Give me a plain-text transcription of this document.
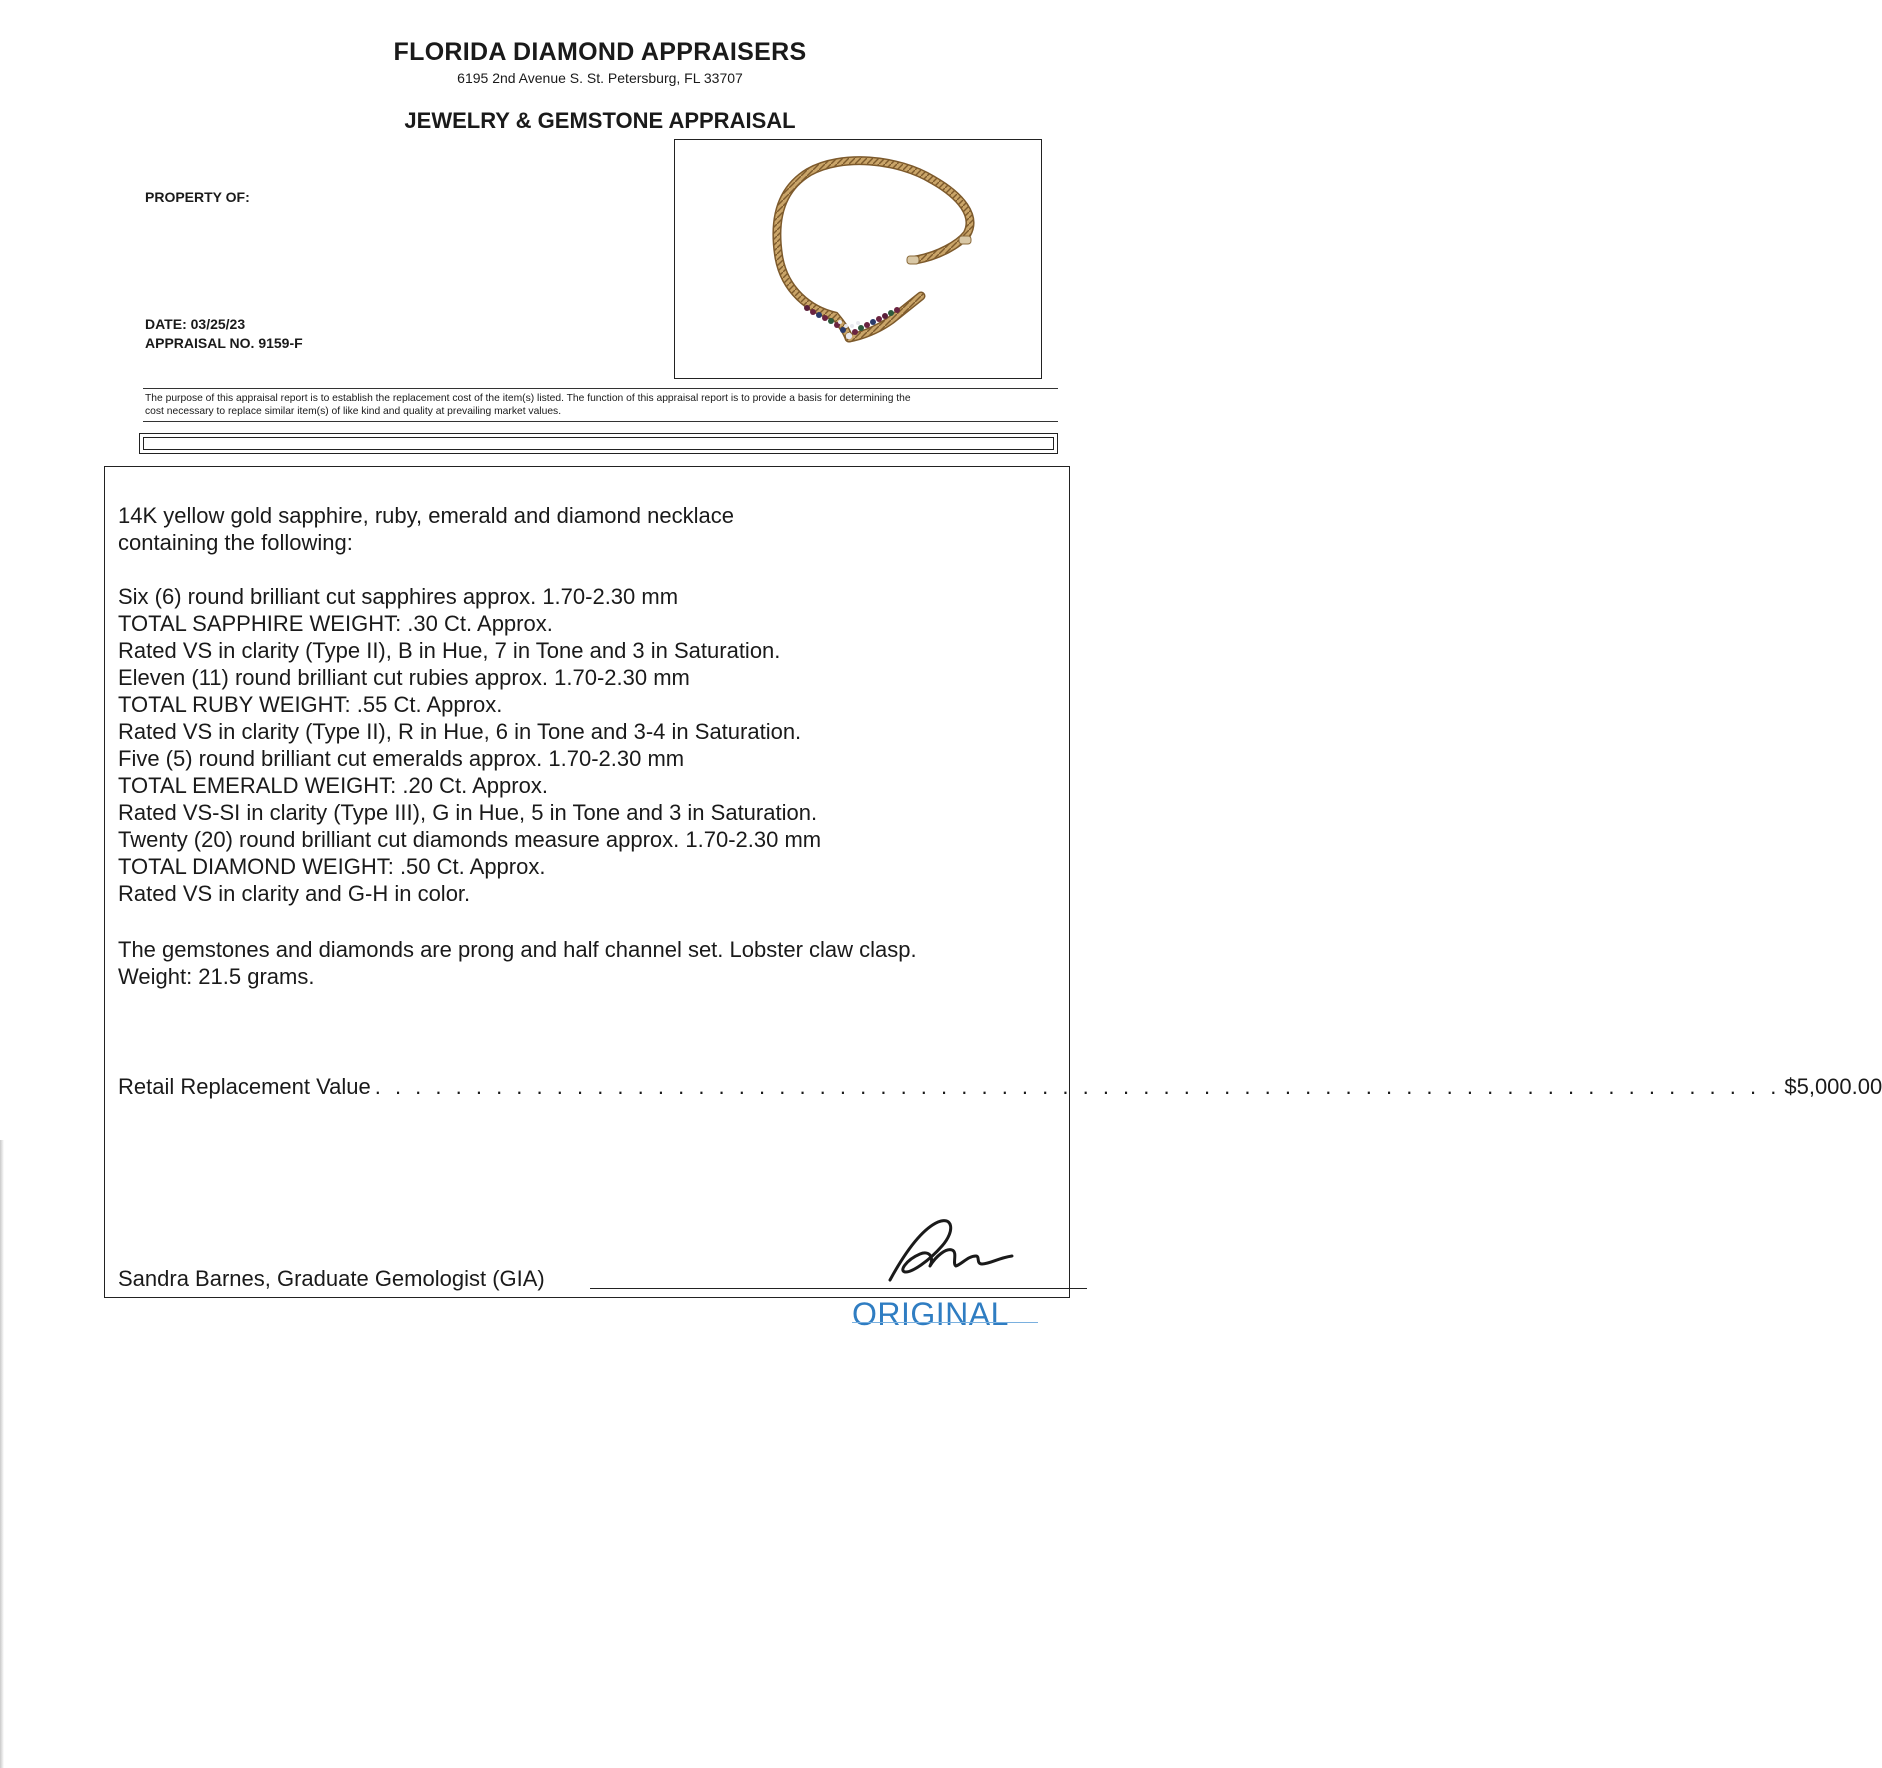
FLORIDA DIAMOND APPRAISERS
6195 2nd Avenue S. St. Petersburg, FL 33707
JEWELRY & GEMSTONE APPRAISAL
PROPERTY OF:
DATE: 03/25/23
APPRAISAL NO. 9159-F
The purpose of this appraisal report is to establish the replacement cost of the item(s) listed. The function of this appraisal report is to provide a basis for determining the
cost necessary to replace similar item(s) of like kind and quality at prevailing market values.
14K yellow gold sapphire, ruby, emerald and diamond necklace
containing the following:
Six (6) round brilliant cut sapphires approx. 1.70-2.30 mm
TOTAL SAPPHIRE WEIGHT: .30 Ct. Approx.
Rated VS in clarity (Type II), B in Hue, 7 in Tone and 3 in Saturation.
Eleven (11) round brilliant cut rubies approx. 1.70-2.30 mm
TOTAL RUBY WEIGHT: .55 Ct. Approx.
Rated VS in clarity (Type II), R in Hue, 6 in Tone and 3-4 in Saturation.
Five (5) round brilliant cut emeralds approx. 1.70-2.30 mm
TOTAL EMERALD WEIGHT: .20 Ct. Approx.
Rated VS-SI in clarity (Type III), G in Hue, 5 in Tone and 3 in Saturation.
Twenty (20) round brilliant cut diamonds measure approx. 1.70-2.30 mm
TOTAL DIAMOND WEIGHT: .50 Ct. Approx.
Rated VS in clarity and G-H in color.
The gemstones and diamonds are prong and half channel set. Lobster claw clasp.
Weight: 21.5 grams.
Retail Replacement Value . . . . . . . . . . . . . . . . . . . . . . . . . . . . . . . . . . . . . . . . . . . . . . . . . . . . . . . . . . . . . . . . . . . . . . $5,000.00
Sandra Barnes, Graduate Gemologist (GIA)
ORIGINAL
